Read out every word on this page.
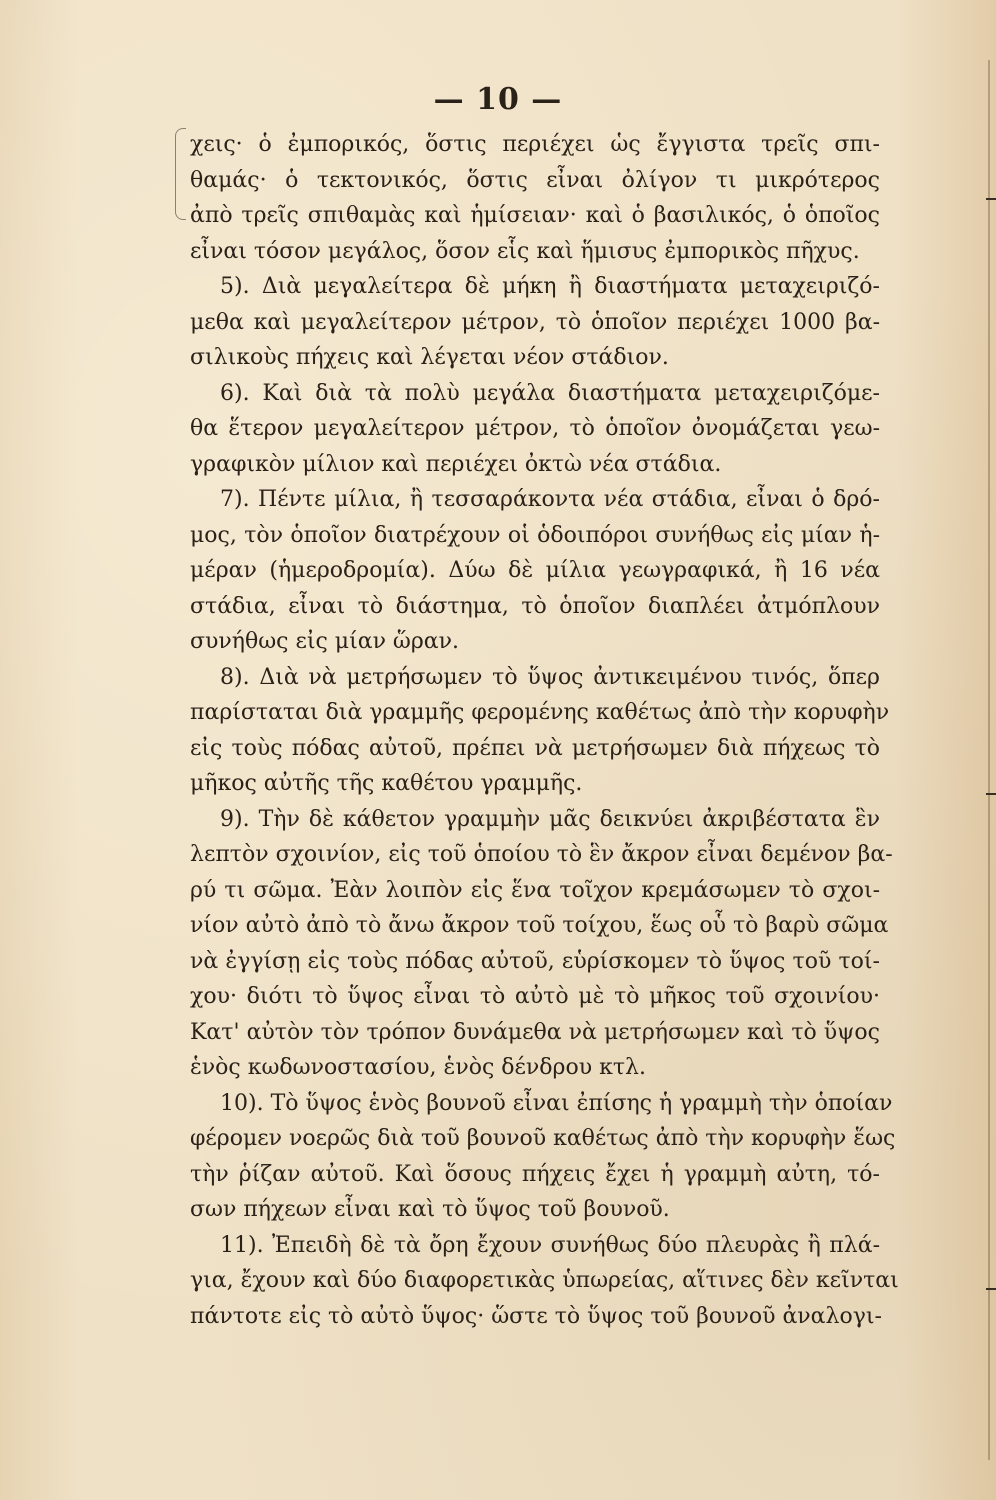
— 10 —
χεις· ὁ ἐμπορικός, ὅστις περιέχει ὡς ἔγγιστα τρεῖς σπι-
θαμάς· ὁ τεκτονικός, ὅστις εἶναι ὀλίγον τι μικρότερος
ἀπὸ τρεῖς σπιθαμὰς καὶ ἡμίσειαν· καὶ ὁ βασιλικός, ὁ ὁποῖος
εἶναι τόσον μεγάλος, ὅσον εἷς καὶ ἥμισυς ἐμπορικὸς πῆχυς.
5). Διὰ μεγαλείτερα δὲ μήκη ἢ διαστήματα μεταχειριζό-
μεθα καὶ μεγαλείτερον μέτρον, τὸ ὁποῖον περιέχει 1000 βα-
σιλικοὺς πήχεις καὶ λέγεται νέον στάδιον.
6). Καὶ διὰ τὰ πολὺ μεγάλα διαστήματα μεταχειριζόμε-
θα ἕτερον μεγαλείτερον μέτρον, τὸ ὁποῖον ὀνομάζεται γεω-
γραφικὸν μίλιον καὶ περιέχει ὀκτὼ νέα στάδια.
7). Πέντε μίλια, ἢ τεσσαράκοντα νέα στάδια, εἶναι ὁ δρό-
μος, τὸν ὁποῖον διατρέχουν οἱ ὁδοιπόροι συνήθως εἰς μίαν ἡ-
μέραν (ἡμεροδρομία). Δύω δὲ μίλια γεωγραφικά, ἢ 16 νέα
στάδια, εἶναι τὸ διάστημα, τὸ ὁποῖον διαπλέει ἀτμόπλουν
συνήθως εἰς μίαν ὥραν.
8). Διὰ νὰ μετρήσωμεν τὸ ὕψος ἀντικειμένου τινός, ὅπερ
παρίσταται διὰ γραμμῆς φερομένης καθέτως ἀπὸ τὴν κορυφὴν
εἰς τοὺς πόδας αὐτοῦ, πρέπει νὰ μετρήσωμεν διὰ πήχεως τὸ
μῆκος αὐτῆς τῆς καθέτου γραμμῆς.
9). Τὴν δὲ κάθετον γραμμὴν μᾶς δεικνύει ἀκριβέστατα ἓν
λεπτὸν σχοινίον, εἰς τοῦ ὁποίου τὸ ἓν ἄκρον εἶναι δεμένον βα-
ρύ τι σῶμα. Ἐὰν λοιπὸν εἰς ἕνα τοῖχον κρεμάσωμεν τὸ σχοι-
νίον αὐτὸ ἀπὸ τὸ ἄνω ἄκρον τοῦ τοίχου, ἕως οὗ τὸ βαρὺ σῶμα
νὰ ἐγγίσῃ εἰς τοὺς πόδας αὐτοῦ, εὑρίσκομεν τὸ ὕψος τοῦ τοί-
χου· διότι τὸ ὕψος εἶναι τὸ αὐτὸ μὲ τὸ μῆκος τοῦ σχοινίου·
Κατ' αὐτὸν τὸν τρόπον δυνάμεθα νὰ μετρήσωμεν καὶ τὸ ὕψος
ἑνὸς κωδωνοστασίου, ἑνὸς δένδρου κτλ.
10). Τὸ ὕψος ἑνὸς βουνοῦ εἶναι ἐπίσης ἡ γραμμὴ τὴν ὁποίαν
φέρομεν νοερῶς διὰ τοῦ βουνοῦ καθέτως ἀπὸ τὴν κορυφὴν ἕως
τὴν ῥίζαν αὐτοῦ. Καὶ ὅσους πήχεις ἔχει ἡ γραμμὴ αὐτη, τό-
σων πήχεων εἶναι καὶ τὸ ὕψος τοῦ βουνοῦ.
11). Ἐπειδὴ δὲ τὰ ὄρη ἔχουν συνήθως δύο πλευρὰς ἢ πλά-
για, ἔχουν καὶ δύο διαφορετικὰς ὑπωρείας, αἵτινες δὲν κεῖνται
πάντοτε εἰς τὸ αὐτὸ ὕψος· ὥστε τὸ ὕψος τοῦ βουνοῦ ἀναλογι-
